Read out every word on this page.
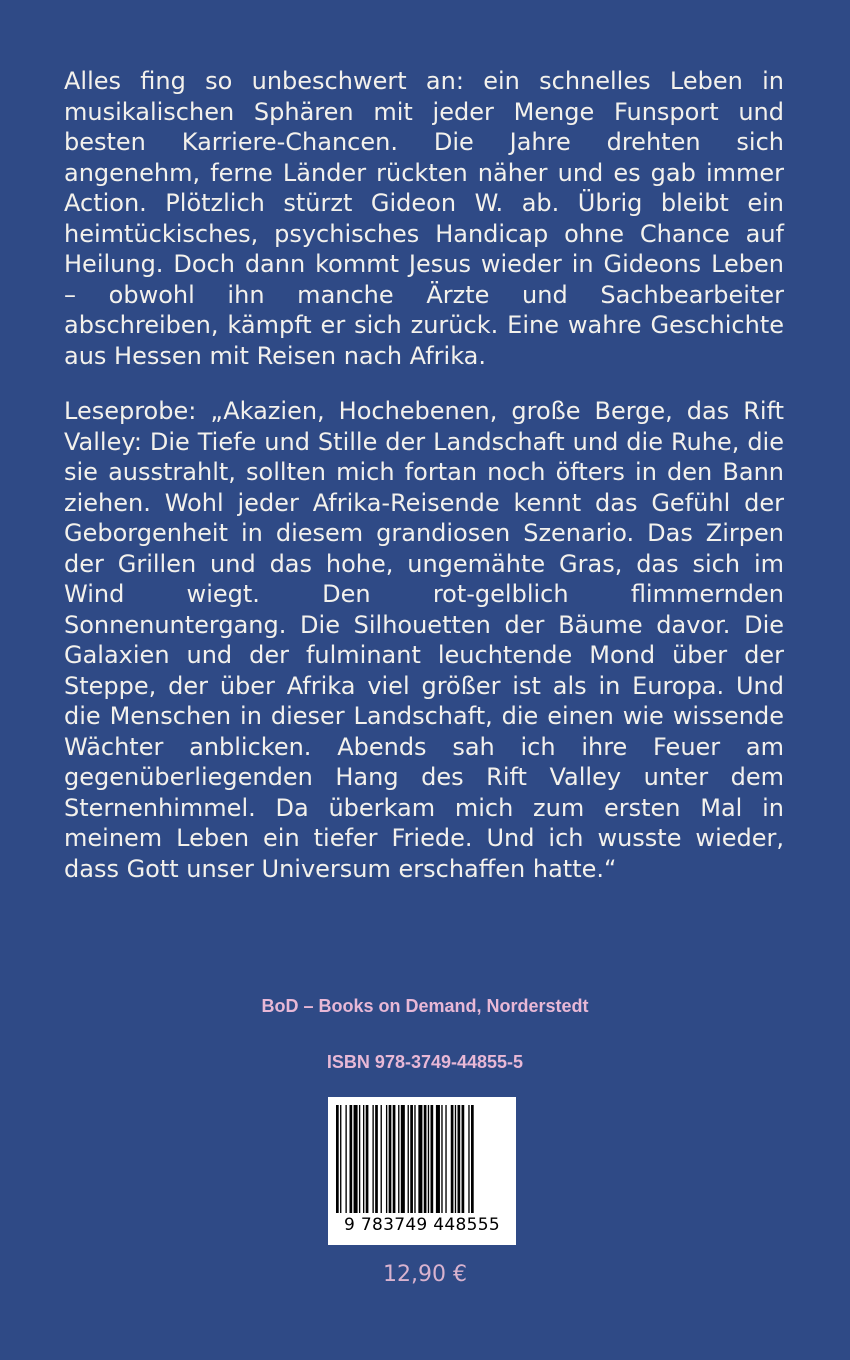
Alles fing so unbeschwert an: ein schnelles Leben in musikalischen Sphären mit jeder Menge Funsport und besten Karriere-Chancen. Die Jahre drehten sich angenehm, ferne Länder rückten näher und es gab immer Action. Plötzlich stürzt Gideon W. ab. Übrig bleibt ein heimtückisches, psychisches Handicap ohne Chance auf Heilung. Doch dann kommt Jesus wieder in Gideons Leben – obwohl ihn manche Ärzte und Sachbearbeiter abschreiben, kämpft er sich zurück. Eine wahre Geschichte aus Hessen mit Reisen nach Afrika.

Leseprobe: „Akazien, Hochebenen, große Berge, das Rift Valley: Die Tiefe und Stille der Landschaft und die Ruhe, die sie ausstrahlt, sollten mich fortan noch öfters in den Bann ziehen. Wohl jeder Afrika-Reisende kennt das Gefühl der Geborgenheit in diesem grandiosen Szenario. Das Zirpen der Grillen und das hohe, ungemähte Gras, das sich im Wind wiegt. Den rot-gelblich flimmernden Sonnenuntergang. Die Silhouetten der Bäume davor. Die Galaxien und der fulminant leuchtende Mond über der Steppe, der über Afrika viel größer ist als in Europa. Und die Menschen in dieser Landschaft, die einen wie wissende Wächter anblicken. Abends sah ich ihre Feuer am gegenüberliegenden Hang des Rift Valley unter dem Sternenhimmel. Da überkam mich zum ersten Mal in meinem Leben ein tiefer Friede. Und ich wusste wieder, dass Gott unser Universum erschaffen hatte.“

BoD – Books on Demand, Norderstedt

ISBN 978-3749-44855-5

9 783749 448555

12,90 €
